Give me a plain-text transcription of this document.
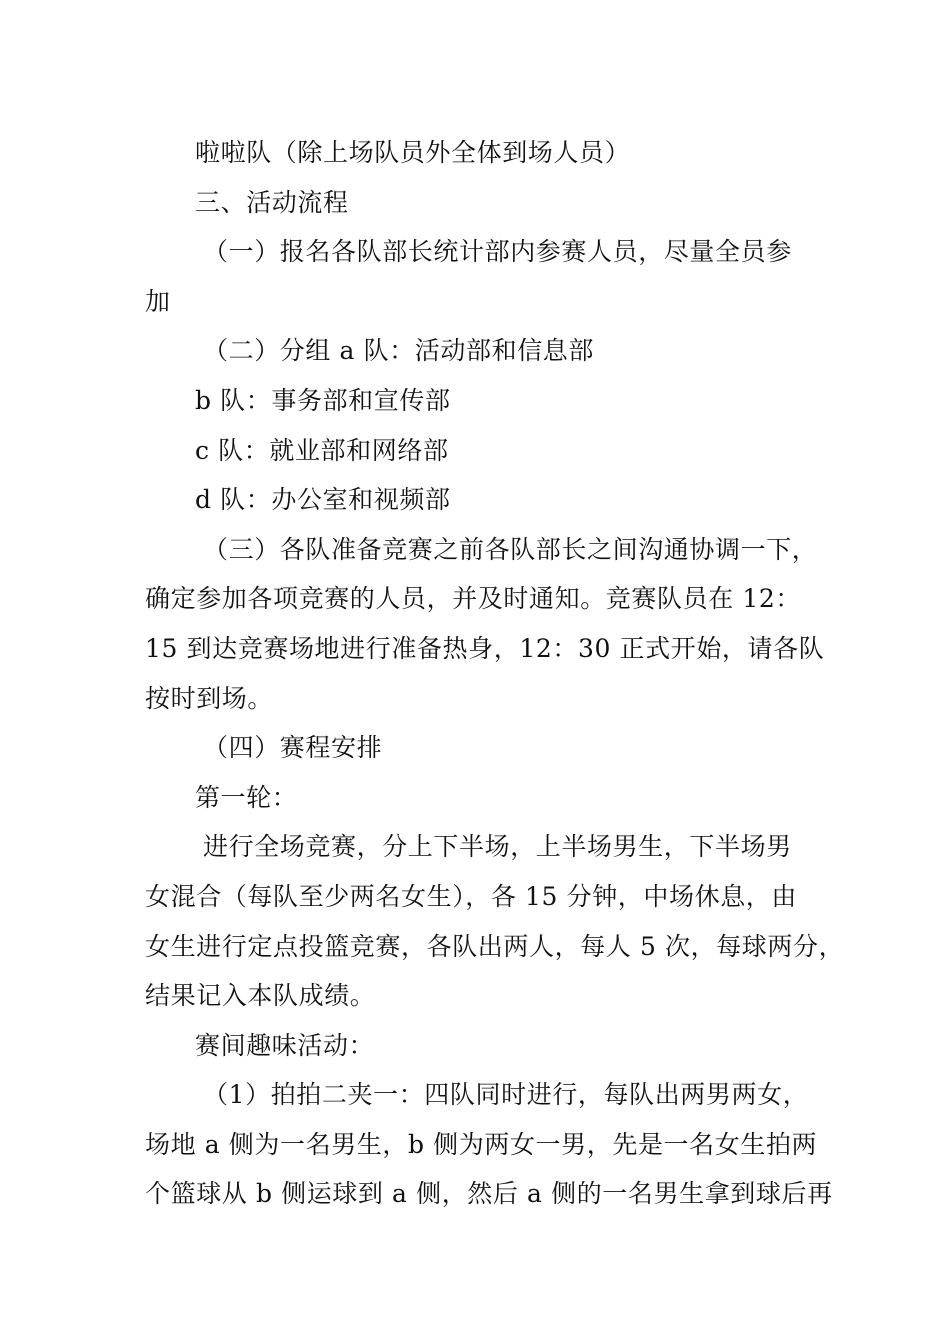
啦啦队（除上场队员外全体到场人员）
三、活动流程
（一）报名各队部长统计部内参赛人员，尽量全员参
加
（二）分组 a 队：活动部和信息部
b 队：事务部和宣传部
c 队：就业部和网络部
d 队：办公室和视频部
（三）各队准备竞赛之前各队部长之间沟通协调一下，
确定参加各项竞赛的人员，并及时通知。竞赛队员在 12：
15 到达竞赛场地进行准备热身，12：30 正式开始，请各队
按时到场。
（四）赛程安排
第一轮：
进行全场竞赛，分上下半场，上半场男生，下半场男
女混合（每队至少两名女生），各 15 分钟，中场休息，由
女生进行定点投篮竞赛，各队出两人，每人 5 次，每球两分，
结果记入本队成绩。
赛间趣味活动：
（1）拍拍二夹一：四队同时进行，每队出两男两女，
场地 a 侧为一名男生，b 侧为两女一男，先是一名女生拍两
个篮球从 b 侧运球到 a 侧，然后 a 侧的一名男生拿到球后再
